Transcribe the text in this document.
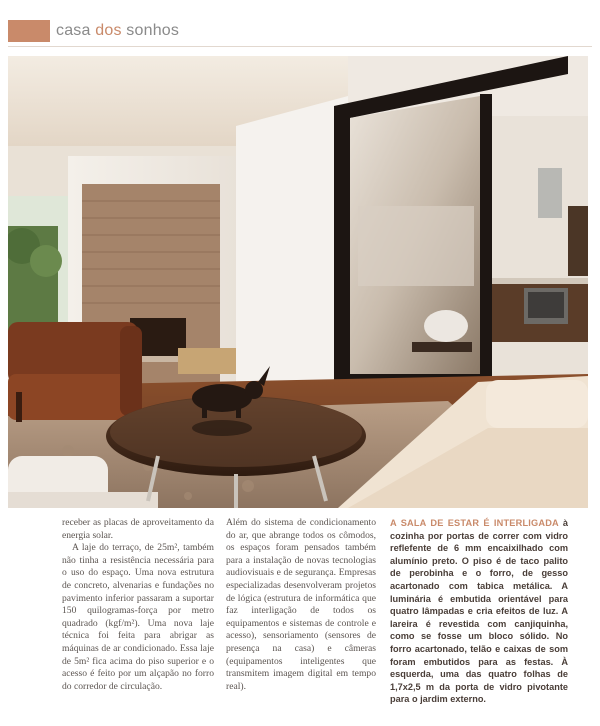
casa dos sonhos

receber as placas de aproveitamento da energia solar.

A laje do terraço, de 25m², também não tinha a resistência necessária para o uso do espaço. Uma nova estrutura de concreto, alvenarias e fundações no pavimento inferior passaram a suportar 150 quilogramas-força por metro quadrado (kgf/m²). Uma nova laje técnica foi feita para abrigar as máquinas de ar condicionado. Essa laje de 5m² fica acima do piso superior e o acesso é feito por um alçapão no forro do corredor de circulação.

Além do sistema de condicionamento do ar, que abrange todos os cômodos, os espaços foram pensados também para a instalação de novas tecnologias audiovisuais e de segurança. Empresas especializadas desenvolveram projetos de lógica (estrutura de informática que faz interligação de todos os equipamentos e sistemas de controle e acesso), sensoriamento (sensores de presença na casa) e câmeras (equipamentos inteligentes que transmitem imagem digital em tempo real).

A SALA DE ESTAR É INTERLIGADA à cozinha por portas de correr com vidro reflefente de 6 mm encaixilhado com alumínio preto. O piso é de taco palito de perobinha e o forro, de gesso acartonado com tabica metálica. A luminária é embutida orientável para quatro lâmpadas e cria efeitos de luz. A lareira é revestida com canjiquinha, como se fosse um bloco sólido. No forro acartonado, telão e caixas de som foram embutidos para as festas. À esquerda, uma das quatro folhas de 1,7x2,5 m da porta de vidro pivotante para o jardim externo.
